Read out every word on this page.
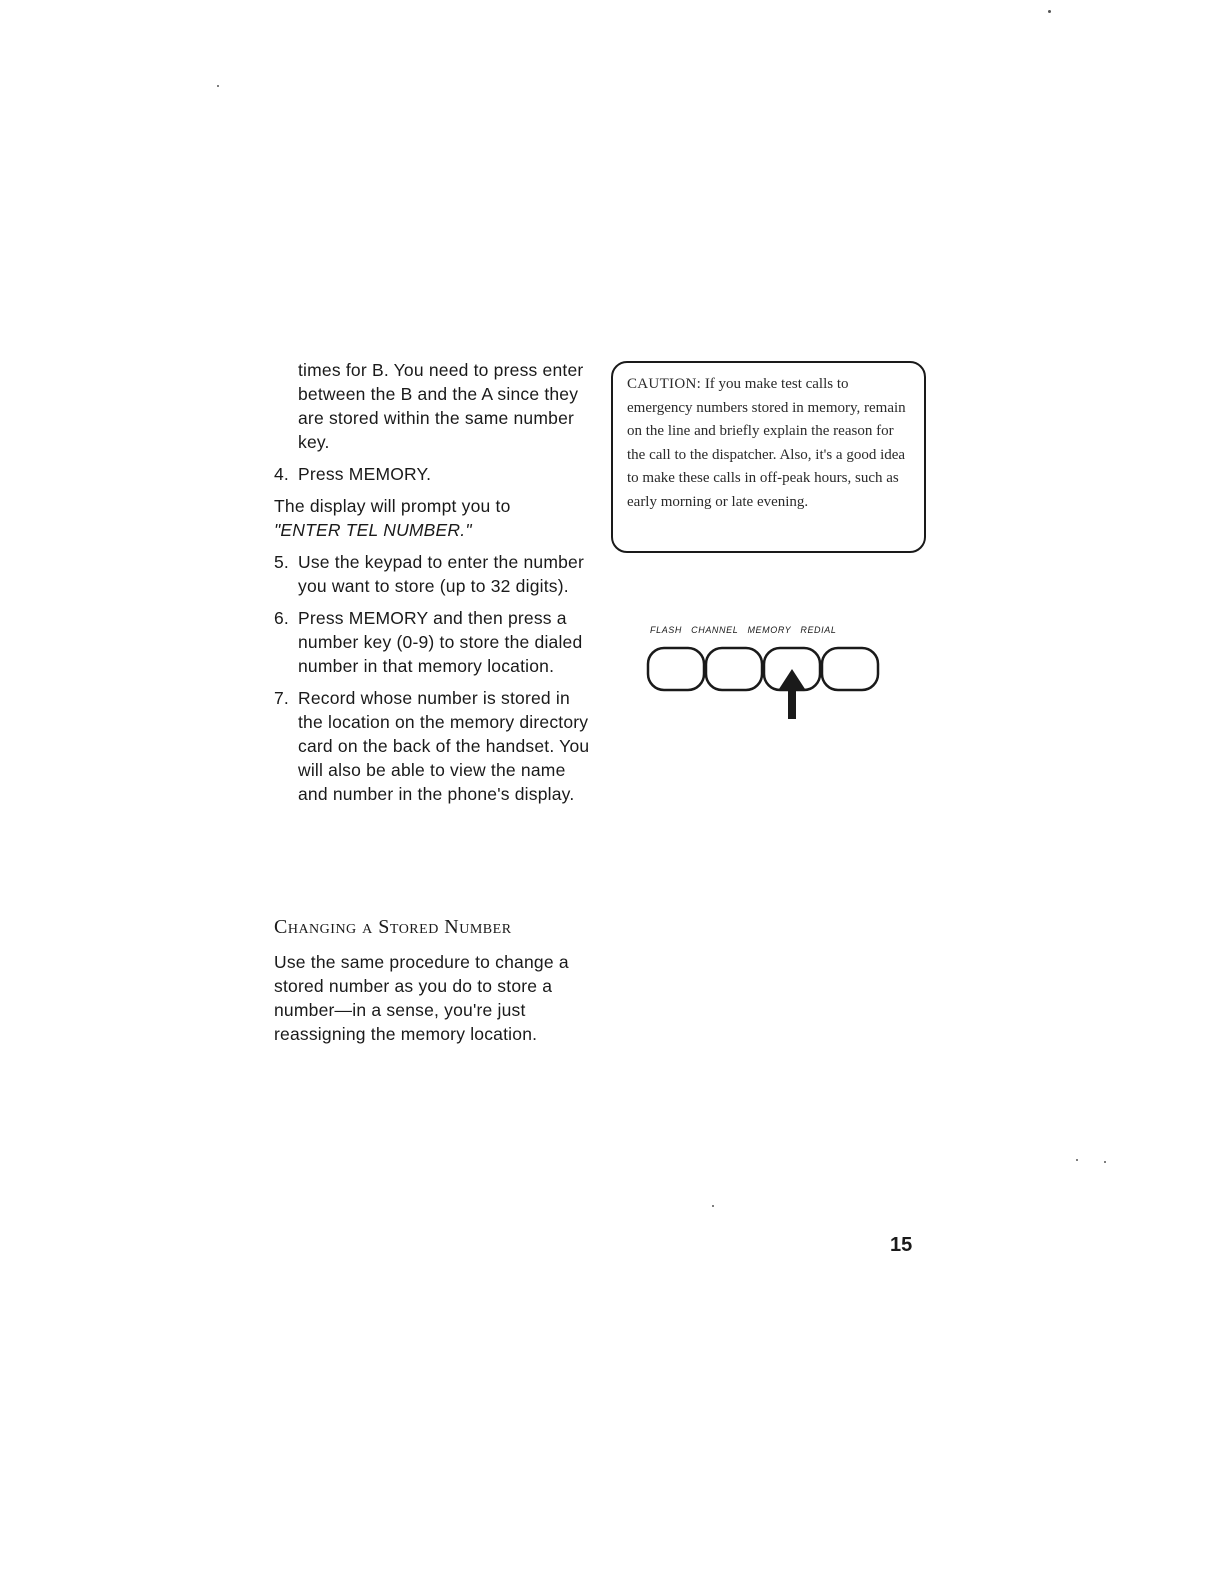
times for B. You need to press enter between the B and the A since they are stored within the same number key.

4. Press MEMORY.

The display will prompt you to
"ENTER TEL NUMBER."

5. Use the keypad to enter the number you want to store (up to 32 digits).
6. Press MEMORY and then press a number key (0-9) to store the dialed number in that memory location.
7. Record whose number is stored in the location on the memory directory card on the back of the handset. You will also be able to view the name and number in the phone's display.
Changing a Stored Number

Use the same procedure to change a stored number as you do to store a number—in a sense, you're just reassigning the memory location.

CAUTION: If you make test calls to emergency numbers stored in memory, remain on the line and briefly explain the reason for the call to the dispatcher. Also, it's a good idea to make these calls in off-peak hours, such as early morning or late evening.
FLASH CHANNEL MEMORY REDIAL
15
